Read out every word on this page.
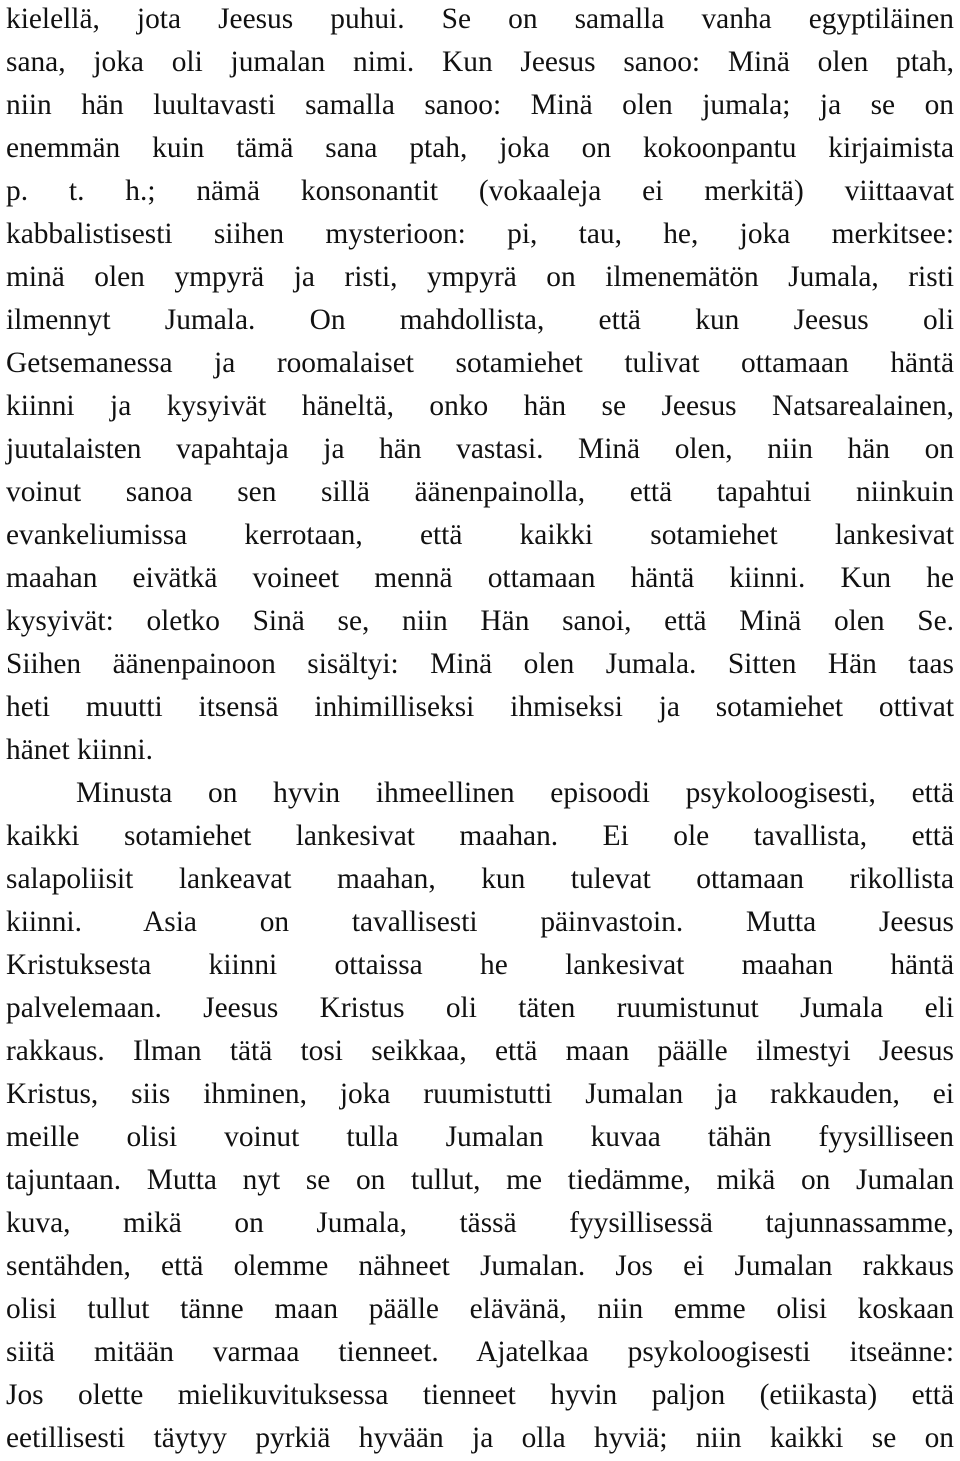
kielellä, jota Jeesus puhui. Se on samalla vanha egyptiläinen
sana, joka oli jumalan nimi. Kun Jeesus sanoo: Minä olen ptah,
niin hän luultavasti samalla sanoo: Minä olen jumala; ja se on
enemmän kuin tämä sana ptah, joka on kokoonpantu kirjaimista
p. t. h.; nämä konsonantit (vokaaleja ei merkitä) viittaavat
kabbalistisesti siihen mysterioon: pi, tau, he, joka merkitsee:
minä olen ympyrä ja risti, ympyrä on ilmenemätön Jumala, risti
ilmennyt Jumala. On mahdollista, että kun Jeesus oli
Getsemanessa ja roomalaiset sotamiehet tulivat ottamaan häntä
kiinni ja kysyivät häneltä, onko hän se Jeesus Natsarealainen,
juutalaisten vapahtaja ja hän vastasi. Minä olen, niin hän on
voinut sanoa sen sillä äänenpainolla, että tapahtui niinkuin
evankeliumissa kerrotaan, että kaikki sotamiehet lankesivat
maahan eivätkä voineet mennä ottamaan häntä kiinni. Kun he
kysyivät: oletko Sinä se, niin Hän sanoi, että Minä olen Se.
Siihen äänenpainoon sisältyi: Minä olen Jumala. Sitten Hän taas
heti muutti itsensä inhimilliseksi ihmiseksi ja sotamiehet ottivat
hänet kiinni.
Minusta on hyvin ihmeellinen episoodi psykoloogisesti, että
kaikki sotamiehet lankesivat maahan. Ei ole tavallista, että
salapoliisit lankeavat maahan, kun tulevat ottamaan rikollista
kiinni. Asia on tavallisesti päinvastoin. Mutta Jeesus
Kristuksesta kiinni ottaissa he lankesivat maahan häntä
palvelemaan. Jeesus Kristus oli täten ruumistunut Jumala eli
rakkaus. Ilman tätä tosi seikkaa, että maan päälle ilmestyi Jeesus
Kristus, siis ihminen, joka ruumistutti Jumalan ja rakkauden, ei
meille olisi voinut tulla Jumalan kuvaa tähän fyysilliseen
tajuntaan. Mutta nyt se on tullut, me tiedämme, mikä on Jumalan
kuva, mikä on Jumala, tässä fyysillisessä tajunnassamme,
sentähden, että olemme nähneet Jumalan. Jos ei Jumalan rakkaus
olisi tullut tänne maan päälle elävänä, niin emme olisi koskaan
siitä mitään varmaa tienneet. Ajatelkaa psykoloogisesti itseänne:
Jos olette mielikuvituksessa tienneet hyvin paljon (etiikasta) että
eetillisesti täytyy pyrkiä hyvään ja olla hyviä; niin kaikki se on
